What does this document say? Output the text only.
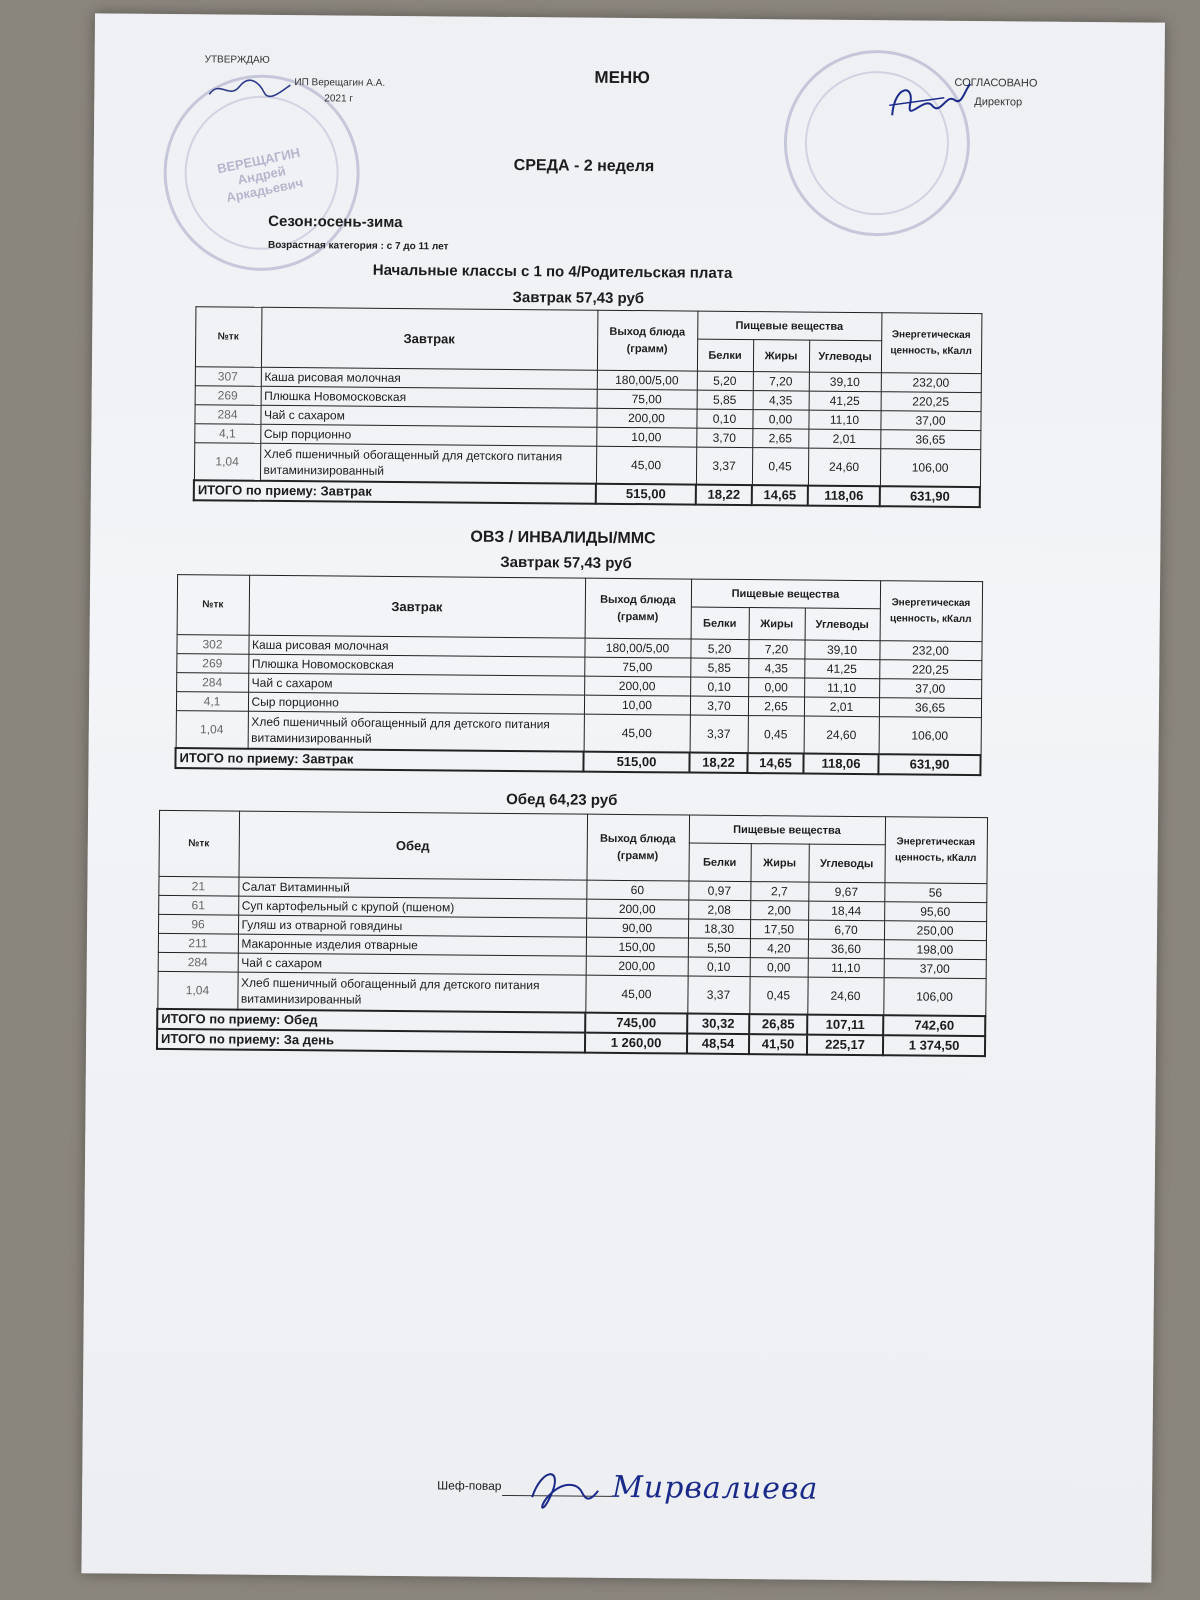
ВЕРЕЩАГИН Андрей Аркадьевич
УТВЕРЖДАЮ
ИП Верещагин А.А.
2021 г
МЕНЮ	СОГЛАСОВАНО
Директор
СРЕДА - 2 неделя
Сезон:осень-зима
Возрастная категория : с 7 до 11 лет
Начальные классы с 1 по 4/Родительская плата
Завтрак 57,43 руб
№тк	Завтрак	Выход блюда (грамм)	Пищевые вещества			Энергетическая ценность, кКалл
			Белки	Жиры	Углеводы	
307	Каша рисовая молочная	180,00/5,00	5,20	7,20	39,10	232,00
269	Плюшка Новомосковская	75,00	5,85	4,35	41,25	220,25
284	Чай с сахаром	200,00	0,10	0,00	11,10	37,00
4,1	Сыр порционно	10,00	3,70	2,65	2,01	36,65
1,04	Хлеб пшеничный обогащенный для детского питания витаминизированный	45,00	3,37	0,45	24,60	106,00
ИТОГО по приему: Завтрак		515,00	18,22	14,65	118,06	631,90
ОВЗ / ИНВАЛИДЫ/ММС
Завтрак 57,43 руб
№тк	Завтрак	Выход блюда (грамм)	Пищевые вещества			Энергетическая ценность, кКалл
			Белки	Жиры	Углеводы	
302	Каша рисовая молочная	180,00/5,00	5,20	7,20	39,10	232,00
269	Плюшка Новомосковская	75,00	5,85	4,35	41,25	220,25
284	Чай с сахаром	200,00	0,10	0,00	11,10	37,00
4,1	Сыр порционно	10,00	3,70	2,65	2,01	36,65
1,04	Хлеб пшеничный обогащенный для детского питания витаминизированный	45,00	3,37	0,45	24,60	106,00
ИТОГО по приему: Завтрак		515,00	18,22	14,65	118,06	631,90
Обед 64,23 руб
№тк	Обед	Выход блюда (грамм)	Пищевые вещества			Энергетическая ценность, кКалл
			Белки	Жиры	Углеводы	
21	Салат Витаминный	60	0,97	2,7	9,67	56
61	Суп картофельный с крупой (пшеном)	200,00	2,08	2,00	18,44	95,60
96	Гуляш из отварной говядины	90,00	18,30	17,50	6,70	250,00
211	Макаронные изделия отварные	150,00	5,50	4,20	36,60	198,00
284	Чай с сахаром	200,00	0,10	0,00	11,10	37,00
1,04	Хлеб пшеничный обогащенный для детского питания витаминизированный	45,00	3,37	0,45	24,60	106,00
ИТОГО по приему: Обед		745,00	30,32	26,85	107,11	742,60
ИТОГО по приему: За день		1 260,00	48,54	41,50	225,17	1 374,50
Шеф-повар	Мирвалиева
